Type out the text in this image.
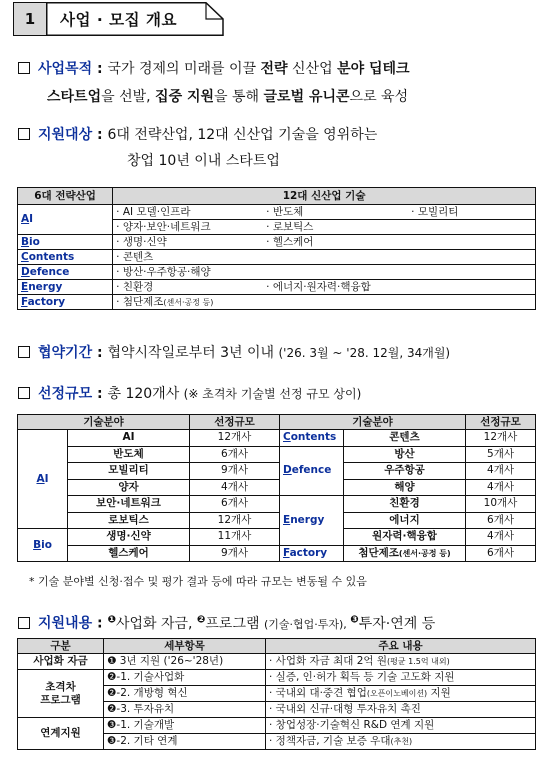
1	사업 · 모집 개요
사업목적 : 국가 경제의 미래를 이끌 전략 신산업 분야 딥테크
스타트업을 선발, 집중 지원을 통해 글로벌 유니콘으로 육성
지원대상 : 6대 전략산업, 12대 신산업 기술을 영위하는
창업 10년 이내 스타트업
6대 전략산업	12대 신산업 기술
AI	· AI 모델·인프라 · 반도체 · 모빌리티

	· 양자·보안·네트워크 · 로보틱스

Bio	· 생명·신약 · 헬스케어

Contents	· 콘텐츠
Defence	· 방산·우주항공·해양
Energy	· 친환경 · 에너지·원자력·핵융합

Factory	· 첨단제조(센서·공정 등)
협약기간 : 협약시작일로부터 3년 이내 ('26. 3월 ~ '28. 12월, 34개월)
선정규모 : 총 120개사 (※ 초격차 기술별 선정 규모 상이)
기술분야		선정규모	기술분야		선정규모
AI	AI	12개사	Contents	콘텐츠	12개사
	반도체	6개사	Defence	방산	5개사
	모빌리티	9개사		우주항공	4개사
	양자	4개사		해양	4개사
	보안·네트워크	6개사	Energy	친환경	10개사
	로보틱스	12개사		에너지	6개사
Bio	생명·신약	11개사		원자력·핵융합	4개사
	헬스케어	9개사	Factory	첨단제조(센서·공정 등)	6개사
* 기술 분야별 신청·접수 및 평가 결과 등에 따라 규모는 변동될 수 있음
지원내용 : $^❶$사업화 자금, $^❷$프로그램 (기술·협업·투자), $^❸$투자·연계 등
구분	세부항목	주요 내용
사업화 자금	❶ 3년 지원 ('26~'28년)	· 사업화 자금 최대 2억 원(평균 1.5억 내외)
초격차
프로그램	❷-1. 기술사업화	· 실증, 인·허가 획득 등 기술 고도화 지원
	❷-2. 개방형 혁신	· 국내외 대·중견 협업(오픈이노베이션) 지원
	❷-3. 투자유치	· 국내외 신규·대형 투자유치 촉진
연계지원	❸-1. 기술개발	· 창업성장·기술혁신 R&D 연계 지원
	❸-2. 기타 연계	· 정책자금, 기술 보증 우대(추천)
